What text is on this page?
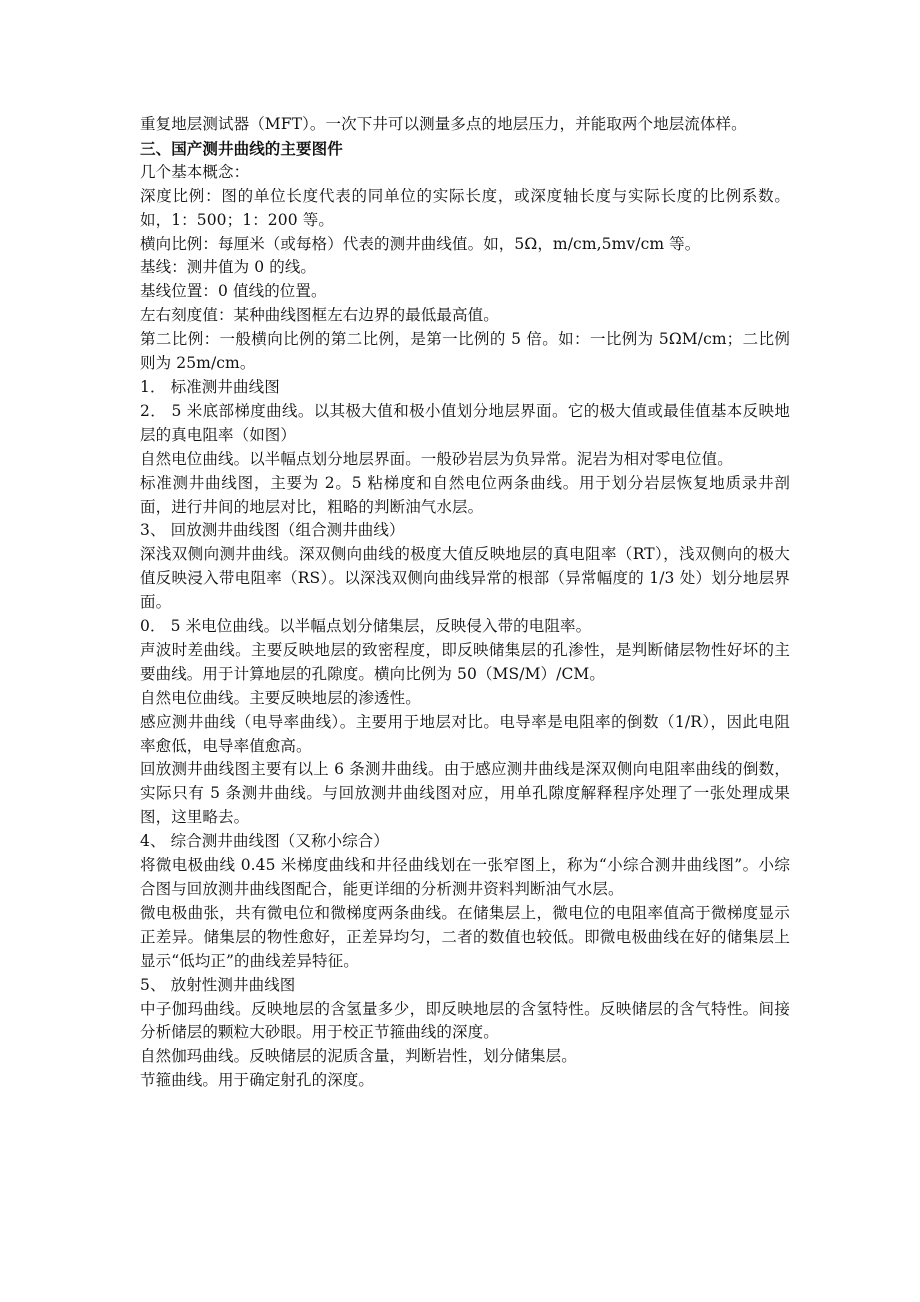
重复地层测试器（MFT）。一次下井可以测量多点的地层压力，并能取两个地层流体样。

三、国产测井曲线的主要图件

几个基本概念：

深度比例：图的单位长度代表的同单位的实际长度，或深度轴长度与实际长度的比例系数。如，1：500；1：200 等。

横向比例：每厘米（或每格）代表的测井曲线值。如，5Ω，m/cm,5mv/cm 等。

基线：测井值为 0 的线。

基线位置：0 值线的位置。

左右刻度值：某种曲线图框左右边界的最低最高值。

第二比例：一般横向比例的第二比例，是第一比例的 5 倍。如：一比例为 5ΩM/cm；二比例则为 25m/cm。

1． 标准测井曲线图

2． 5 米底部梯度曲线。以其极大值和极小值划分地层界面。它的极大值或最佳值基本反映地层的真电阻率（如图）

自然电位曲线。以半幅点划分地层界面。一般砂岩层为负异常。泥岩为相对零电位值。

标准测井曲线图，主要为 2。5 粘梯度和自然电位两条曲线。用于划分岩层恢复地质录井剖面，进行井间的地层对比，粗略的判断油气水层。

3、 回放测井曲线图（组合测井曲线）

深浅双侧向测井曲线。深双侧向曲线的极度大值反映地层的真电阻率（RT），浅双侧向的极大值反映浸入带电阻率（RS）。以深浅双侧向曲线异常的根部（异常幅度的 1/3 处）划分地层界面。

0． 5 米电位曲线。以半幅点划分储集层，反映侵入带的电阻率。

声波时差曲线。主要反映地层的致密程度，即反映储集层的孔渗性，是判断储层物性好坏的主要曲线。用于计算地层的孔隙度。横向比例为 50（MS/M）/CM。

自然电位曲线。主要反映地层的渗透性。

感应测井曲线（电导率曲线）。主要用于地层对比。电导率是电阻率的倒数（1/R），因此电阻率愈低，电导率值愈高。

回放测井曲线图主要有以上 6 条测井曲线。由于感应测井曲线是深双侧向电阻率曲线的倒数，实际只有 5 条测井曲线。与回放测井曲线图对应，用单孔隙度解释程序处理了一张处理成果图，这里略去。

4、 综合测井曲线图（又称小综合）

将微电极曲线 0.45 米梯度曲线和井径曲线划在一张窄图上，称为“小综合测井曲线图”。小综合图与回放测井曲线图配合，能更详细的分析测井资料判断油气水层。

微电极曲张，共有微电位和微梯度两条曲线。在储集层上，微电位的电阻率值高于微梯度显示正差异。储集层的物性愈好，正差异均匀，二者的数值也较低。即微电极曲线在好的储集层上显示“低均正”的曲线差异特征。

5、 放射性测井曲线图

中子伽玛曲线。反映地层的含氢量多少，即反映地层的含氢特性。反映储层的含气特性。间接分析储层的颗粒大砂眼。用于校正节箍曲线的深度。

自然伽玛曲线。反映储层的泥质含量，判断岩性，划分储集层。

节箍曲线。用于确定射孔的深度。
